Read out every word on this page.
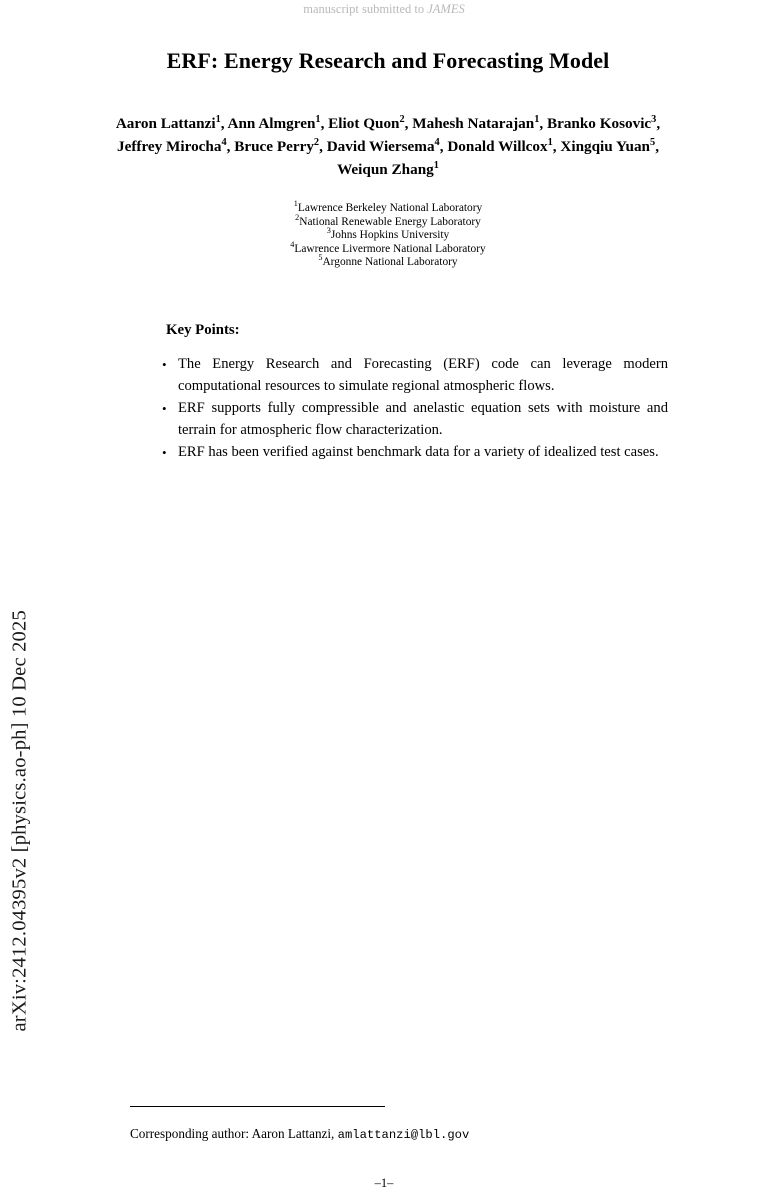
arXiv:2412.04395v2 [physics.ao-ph] 10 Dec 2025
manuscript submitted to JAMES
ERF: Energy Research and Forecasting Model
Aaron Lattanzi$^1$, Ann Almgren$^1$, Eliot Quon$^2$, Mahesh Natarajan$^1$, Branko Kosovic$^3$, Jeffrey Mirocha$^4$, Bruce Perry$^2$, David Wiersema$^4$, Donald Willcox$^1$, Xingqiu Yuan$^5$, Weiqun Zhang$^1$
$^1$Lawrence Berkeley National Laboratory
$^2$National Renewable Energy Laboratory
$^3$Johns Hopkins University
$^4$Lawrence Livermore National Laboratory
$^5$Argonne National Laboratory
Key Points:
• The Energy Research and Forecasting (ERF) code can leverage modern computational resources to simulate regional atmospheric flows.
• ERF supports fully compressible and anelastic equation sets with moisture and terrain for atmospheric flow characterization.
• ERF has been verified against benchmark data for a variety of idealized test cases.
Corresponding author: Aaron Lattanzi, amlattanzi@lbl.gov
–1–
